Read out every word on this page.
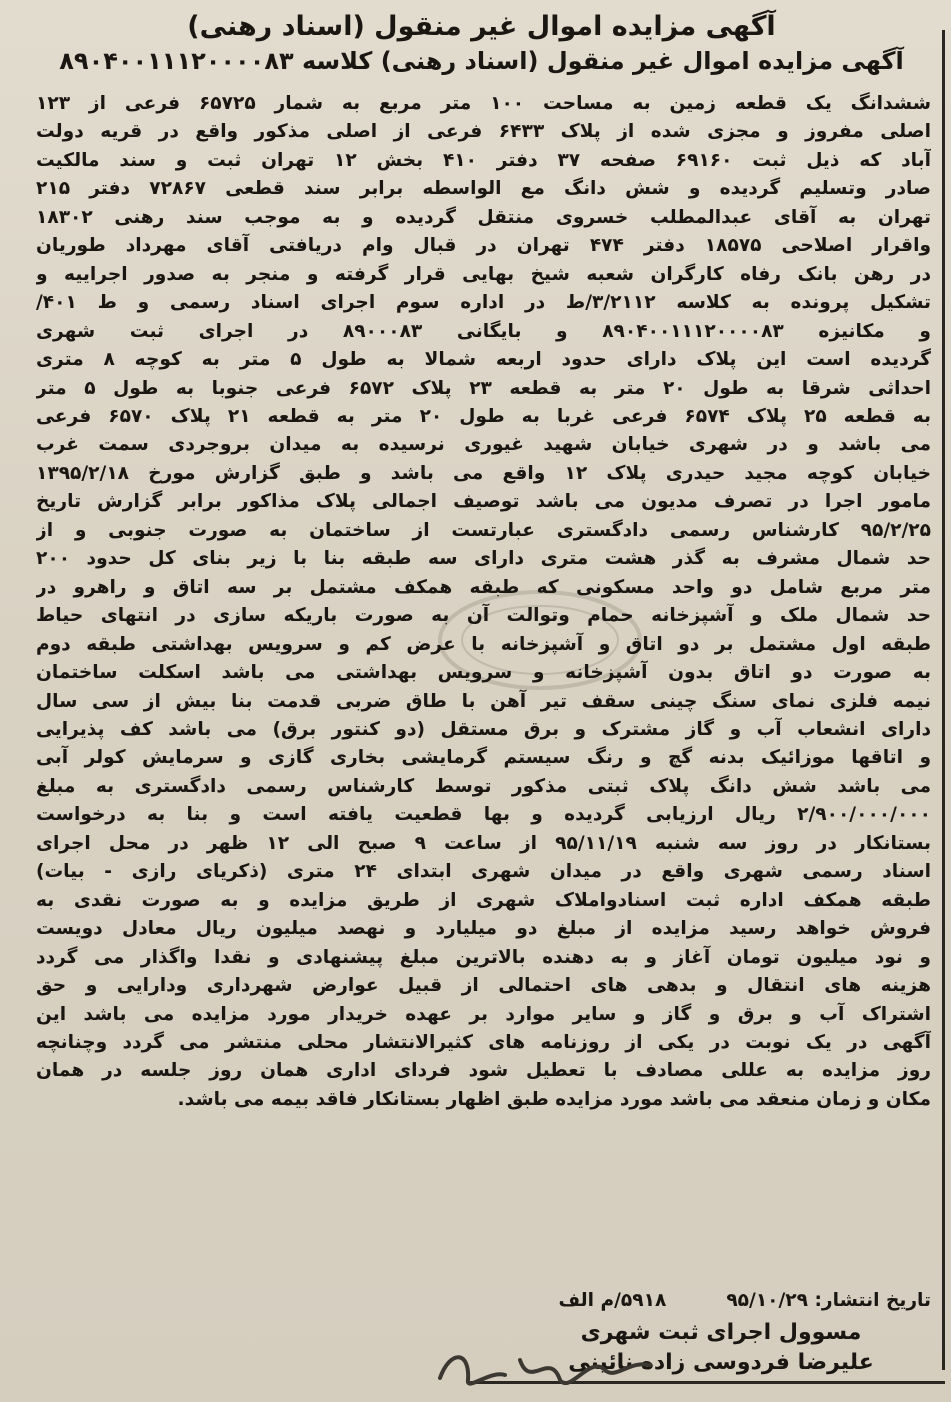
آگهی مزایده اموال غیر منقول (اسناد رهنی)

آگهی مزایده اموال غیر منقول (اسناد رهنی) کلاسه ۸۹۰۴۰۰۱۱۱۲۰۰۰۰۸۳

ششدانگ یک قطعه زمین به مساحت ۱۰۰ متر مربع به شمار ۶۵۷۲۵ فرعی از ۱۲۳
اصلی مفروز و مجزی شده از پلاک ۶۴۳۳ فرعی از اصلی مذکور واقع در قریه دولت
آباد که ذیل ثبت ۶۹۱۶۰ صفحه ۳۷ دفتر ۴۱۰ بخش ۱۲ تهران ثبت و سند مالکیت
صادر وتسلیم گردیده و شش دانگ مع الواسطه برابر سند قطعی ۷۲۸۶۷ دفتر ۲۱۵
تهران به آقای عبدالمطلب خسروی منتقل گردیده و به موجب سند رهنی ۱۸۳۰۲
واقرار اصلاحی ۱۸۵۷۵ دفتر ۴۷۴ تهران در قبال وام دریافتی آقای مهرداد طوریان
در رهن بانک رفاه کارگران شعبه شیخ بهایی قرار گرفته و منجر به صدور اجراییه و
تشکیل پرونده به کلاسه ۳/۲۱۱۲/ط در اداره سوم اجرای اسناد رسمی و ط ۴۰۱/
و مکانیزه ۸۹۰۴۰۰۱۱۱۲۰۰۰۰۸۳ و بایگانی ۸۹۰۰۰۸۳ در اجرای ثبت شهری
گردیده است این پلاک دارای حدود اربعه شمالا به طول ۵ متر به کوچه ۸ متری
احداثی شرقا به طول ۲۰ متر به قطعه ۲۳ پلاک ۶۵۷۲ فرعی جنوبا به طول ۵ متر
به قطعه ۲۵ پلاک ۶۵۷۴ فرعی غربا به طول ۲۰ متر به قطعه ۲۱ پلاک ۶۵۷۰ فرعی
می باشد و در شهری خیابان شهید غیوری نرسیده به میدان بروجردی سمت غرب
خیابان کوچه مجید حیدری پلاک ۱۲ واقع می باشد و طبق گزارش مورخ ۱۳۹۵/۲/۱۸
مامور اجرا در تصرف مدیون می باشد توصیف اجمالی پلاک مذاکور برابر گزارش تاریخ
۹۵/۲/۲۵ کارشناس رسمی دادگستری عبارتست از ساختمان به صورت جنوبی و از
حد شمال مشرف به گذر هشت متری دارای سه طبقه بنا با زیر بنای کل حدود ۲۰۰
متر مربع شامل دو واحد مسکونی که طبقه همکف مشتمل بر سه اتاق و راهرو در
حد شمال ملک و آشپزخانه حمام وتوالت آن به صورت باریکه سازی در انتهای حیاط
طبقه اول مشتمل بر دو اتاق و آشپزخانه با عرض کم و سرویس بهداشتی طبقه دوم
به صورت دو اتاق بدون آشپزخانه و سرویس بهداشتی می باشد اسکلت ساختمان
نیمه فلزی نمای سنگ چینی سقف تیر آهن با طاق ضربی قدمت بنا بیش از سی سال
دارای انشعاب آب و گاز مشترک و برق مستقل (دو کنتور برق) می باشد کف پذیرایی
و اتاقها موزائیک بدنه گچ و رنگ سیستم گرمایشی بخاری گازی و سرمایش کولر آبی
می باشد شش دانگ پلاک ثبتی مذکور توسط کارشناس رسمی دادگستری به مبلغ
۲/۹۰۰/۰۰۰/۰۰۰ ریال ارزیابی گردیده و بها قطعیت یافته است و بنا به درخواست
بستانکار در روز سه شنبه ۹۵/۱۱/۱۹ از ساعت ۹ صبح الی ۱۲ ظهر در محل اجرای
اسناد رسمی شهری واقع در میدان شهری ابتدای ۲۴ متری (ذکریای رازی - بیات)
طبقه همکف اداره ثبت اسنادواملاک شهری از طریق مزایده و به صورت نقدی به
فروش خواهد رسید مزایده از مبلغ دو میلیارد و نهصد میلیون ریال معادل دویست
و نود میلیون تومان آغاز و به دهنده بالاترین مبلغ پیشنهادی و نقدا واگذار می گردد
هزینه های انتقال و بدهی های احتمالی از قبیل عوارض شهرداری ودارایی و حق
اشتراک آب و برق و گاز و سایر موارد بر عهده خریدار مورد مزایده می باشد این
آگهی در یک نوبت در یکی از روزنامه های کثیرالانتشار محلی منتشر می گردد وچنانچه
روز مزایده به عللی مصادف با تعطیل شود فردای اداری همان روز جلسه در همان
مکان و زمان منعقد می باشد مورد مزایده طبق اظهار بستانکار فاقد بیمه می باشد.
تاریخ انتشار: ۹۵/۱۰/۲۹
۵۹۱۸/م الف
مسوول اجرای ثبت شهری
علیرضا فردوسی زاده نائینی
